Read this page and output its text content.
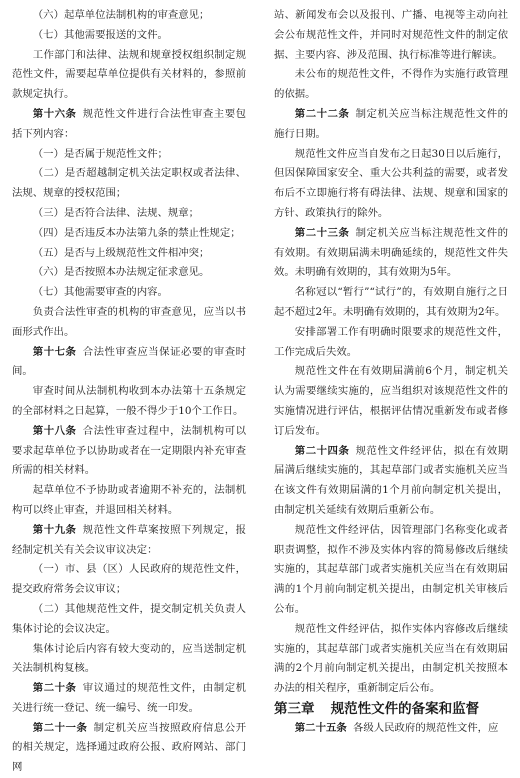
（六）起草单位法制机构的审查意见；

（七）其他需要报送的文件。

工作部门和法律、法规和规章授权组织制定规范性文件，需要起草单位提供有关材料的，参照前款规定执行。

第十六条 规范性文件进行合法性审查主要包括下列内容：

（一）是否属于规范性文件；

（二）是否超越制定机关法定职权或者法律、法规、规章的授权范围；

（三）是否符合法律、法规、规章；

（四）是否违反本办法第九条的禁止性规定；

（五）是否与上级规范性文件相冲突；

（六）是否按照本办法规定征求意见。

（七）其他需要审查的内容。

负责合法性审查的机构的审查意见，应当以书面形式作出。

第十七条 合法性审查应当保证必要的审查时间。

审查时间从法制机构收到本办法第十五条规定的全部材料之日起算，一般不得少于10个工作日。

第十八条 合法性审查过程中，法制机构可以要求起草单位予以协助或者在一定期限内补充审查所需的相关材料。

起草单位不予协助或者逾期不补充的，法制机构可以终止审查，并退回相关材料。

第十九条 规范性文件草案按照下列规定，报经制定机关有关会议审议决定：

（一）市、县（区）人民政府的规范性文件，提交政府常务会议审议；

（二）其他规范性文件，提交制定机关负责人集体讨论的会议决定。

集体讨论后内容有较大变动的，应当送制定机关法制机构复核。

第二十条 审议通过的规范性文件，由制定机关进行统一登记、统一编号、统一印发。

第二十一条 制定机关应当按照政府信息公开的相关规定，选择通过政府公报、政府网站、部门网

站、新闻发布会以及报刊、广播、电视等主动向社会公布规范性文件，并同时对规范性文件的制定依据、主要内容、涉及范围、执行标准等进行解读。

未公布的规范性文件，不得作为实施行政管理的依据。

第二十二条 制定机关应当标注规范性文件的施行日期。

规范性文件应当自发布之日起30日以后施行，但因保障国家安全、重大公共利益的需要，或者发布后不立即施行将有碍法律、法规、规章和国家的方针、政策执行的除外。

第二十三条 制定机关应当标注规范性文件的有效期。有效期届满未明确延续的，规范性文件失效。未明确有效期的，其有效期为5年。

名称冠以“暂行”“试行”的，有效期自施行之日起不超过2年。未明确有效期的，其有效期为2年。

安排部署工作有明确时限要求的规范性文件，工作完成后失效。

规范性文件在有效期届满前6个月，制定机关认为需要继续实施的，应当组织对该规范性文件的实施情况进行评估，根据评估情况重新发布或者修订后发布。

第二十四条 规范性文件经评估，拟在有效期届满后继续实施的，其起草部门或者实施机关应当在该文件有效期届满的1个月前向制定机关提出，由制定机关延续有效期后重新公布。

规范性文件经评估，因管理部门名称变化或者职责调整，拟作不涉及实体内容的简易修改后继续实施的，其起草部门或者实施机关应当在有效期届满的1个月前向制定机关提出，由制定机关审核后公布。

规范性文件经评估，拟作实体内容修改后继续实施的，其起草部门或者实施机关应当在有效期届满的2个月前向制定机关提出，由制定机关按照本办法的相关程序，重新制定后公布。

第三章 规范性文件的备案和监督

第二十五条 各级人民政府的规范性文件，应
